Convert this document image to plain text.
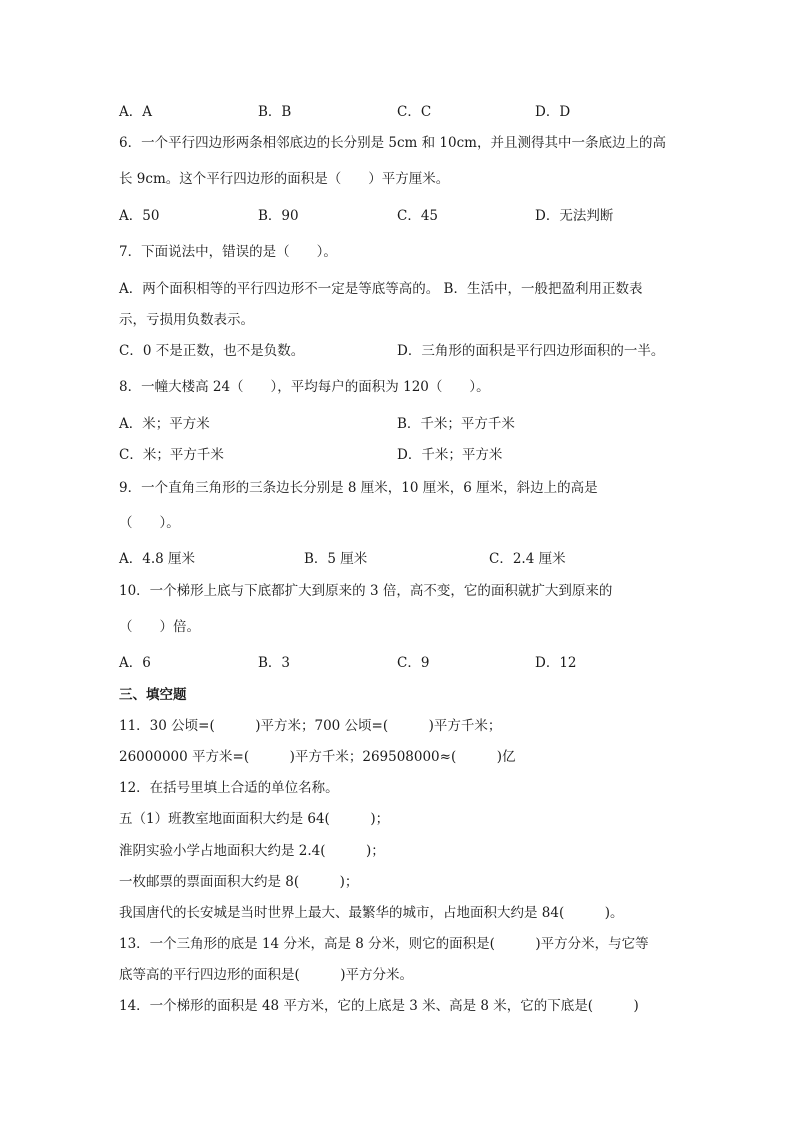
A．A	B．B	C．C	D．D
6．一个平行四边形两条相邻底边的长分别是 5cm 和 10cm，并且测得其中一条底边上的高
长 9cm。这个平行四边形的面积是（　　）平方厘米。
A．50	B．90	C．45	D．无法判断
7．下面说法中，错误的是（　　）。
A．两个面积相等的平行四边形不一定是等底等高的。 B．生活中，一般把盈利用正数表
示，亏损用负数表示。
C．0 不是正数，也不是负数。	D．三角形的面积是平行四边形面积的一半。
8．一幢大楼高 24（　　），平均每户的面积为 120（　　）。
A．米；平方米	B．千米；平方千米
C．米；平方千米	D．千米；平方米
9．一个直角三角形的三条边长分别是 8 厘米，10 厘米，6 厘米，斜边上的高是
（　　）。
A．4.8 厘米	B．5 厘米	C．2.4 厘米
10．一个梯形上底与下底都扩大到原来的 3 倍，高不变，它的面积就扩大到原来的
（　　）倍。
A．6	B．3	C．9	D．12
三、填空题
11．30 公顷=(　　　)平方米；700 公顷=(　　　)平方千米；
26000000 平方米=(　　　)平方千米；269508000≈(　　　)亿
12．在括号里填上合适的单位名称。
五（1）班教室地面面积大约是 64(　　　)；
淮阴实验小学占地面积大约是 2.4(　　　)；
一枚邮票的票面面积大约是 8(　　　)；
我国唐代的长安城是当时世界上最大、最繁华的城市，占地面积大约是 84(　　　)。
13．一个三角形的底是 14 分米，高是 8 分米，则它的面积是(　　　)平方分米，与它等
底等高的平行四边形的面积是(　　　)平方分米。
14．一个梯形的面积是 48 平方米，它的上底是 3 米、高是 8 米，它的下底是(　　　)
